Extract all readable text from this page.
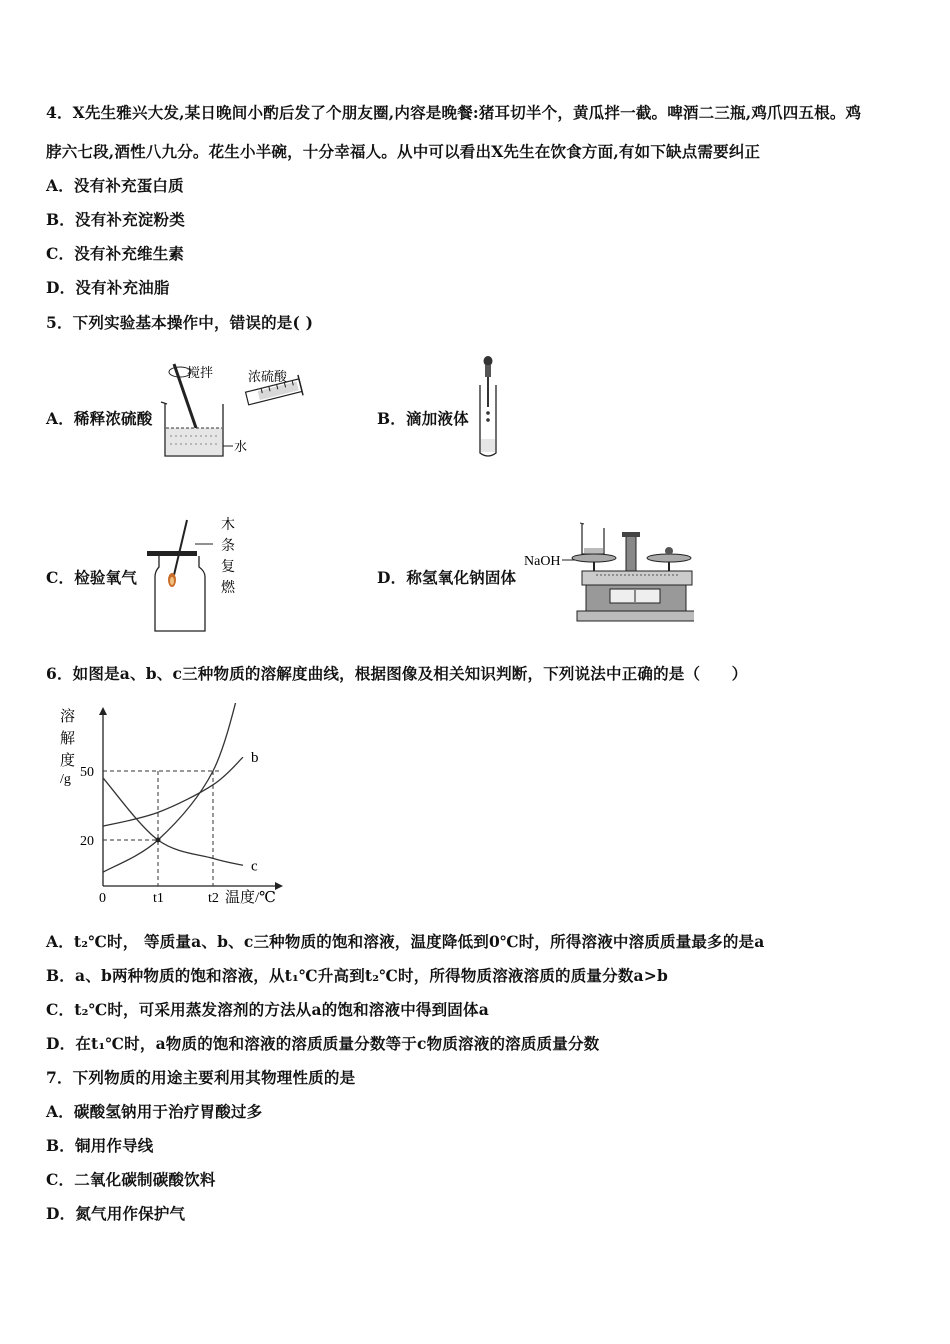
4．X先生雅兴大发,某日晚间小酌后发了个朋友圈,内容是晚餐:猪耳切半个，黄瓜拌一截。啤酒二三瓶,鸡爪四五根。鸡
脖六七段,酒性八九分。花生小半碗，十分幸福人。从中可以看出X先生在饮食方面,有如下缺点需要纠正
A．没有补充蛋白质
B．没有补充淀粉类
C．没有补充维生素
D．没有补充油脂
5．下列实验基本操作中，错误的是( )
A．稀释浓硫酸	B．滴加液体
C．检验氧气	D．称氢氧化钠固体
搅拌
水
浓硫酸
木
条
复
燃
NaOH
6．如图是a、b、c三种物质的溶解度曲线，根据图像及相关知识判断，下列说法中正确的是（　　）
20
50
0	t1	t2
b
c
溶
解
度
/g
温度/℃
A．t₂℃时， 等质量a、b、c三种物质的饱和溶液，温度降低到0℃时，所得溶液中溶质质量最多的是a
B．a、b两种物质的饱和溶液，从t₁℃升高到t₂℃时，所得物质溶液溶质的质量分数a>b
C．t₂℃时，可采用蒸发溶剂的方法从a的饱和溶液中得到固体a
D．在t₁℃时，a物质的饱和溶液的溶质质量分数等于c物质溶液的溶质质量分数
7．下列物质的用途主要利用其物理性质的是
A．碳酸氢钠用于治疗胃酸过多
B．铜用作导线
C．二氧化碳制碳酸饮料
D．氮气用作保护气
